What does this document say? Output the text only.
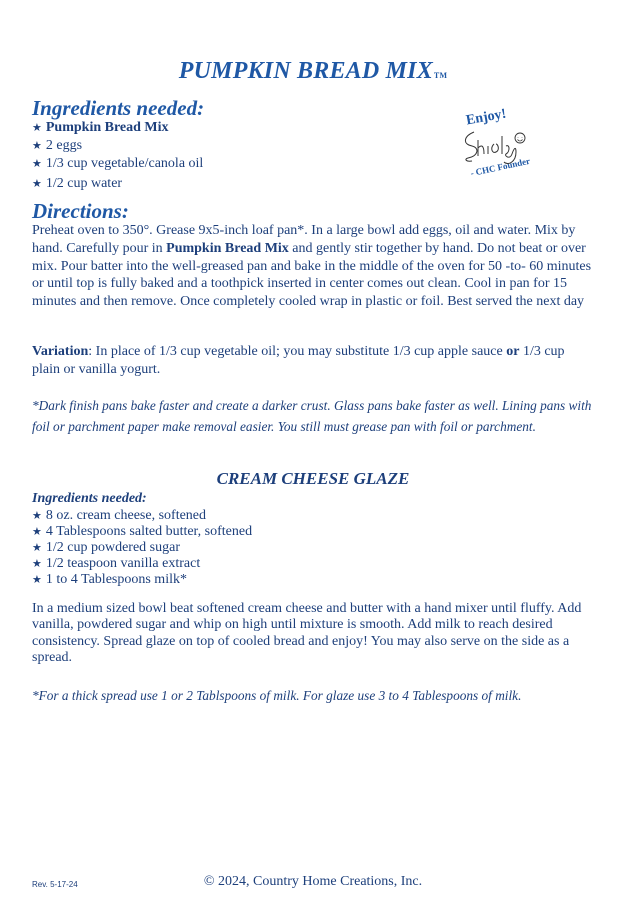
PUMPKIN BREAD MIXTM
Ingredients needed:
★ Pumpkin Bread Mix
★ 2 eggs
★ 1/3 cup vegetable/canola oil
★ 1/2 cup water
Enjoy!
- CHC Founder
Directions:
Preheat oven to 350°. Grease 9x5-inch loaf pan*. In a large bowl add eggs, oil and water. Mix by hand. Carefully pour in Pumpkin Bread Mix and gently stir together by hand. Do not beat or over mix. Pour batter into the well-greased pan and bake in the middle of the oven for 50 -to- 60 minutes or until top is fully baked and a toothpick inserted in center comes out clean. Cool in pan for 15 minutes and then remove. Once completely cooled wrap in plastic or foil. Best served the next day
Variation: In place of 1/3 cup vegetable oil; you may substitute 1/3 cup apple sauce or 1/3 cup plain or vanilla yogurt.
*Dark finish pans bake faster and create a darker crust. Glass pans bake faster as well. Lining pans with foil or parchment paper make removal easier. You still must grease pan with foil or parchment.
CREAM CHEESE GLAZE
Ingredients needed:
★ 8 oz. cream cheese, softened
★ 4 Tablespoons salted butter, softened
★ 1/2 cup powdered sugar
★ 1/2 teaspoon vanilla extract
★ 1 to 4 Tablespoons milk*
In a medium sized bowl beat softened cream cheese and butter with a hand mixer until fluffy. Add vanilla, powdered sugar and whip on high until mixture is smooth. Add milk to reach desired consistency. Spread glaze on top of cooled bread and enjoy! You may also serve on the side as a spread.
*For a thick spread use 1 or 2 Tablspoons of milk. For glaze use 3 to 4 Tablespoons of milk.
Rev. 5-17-24	© 2024, Country Home Creations, Inc.
